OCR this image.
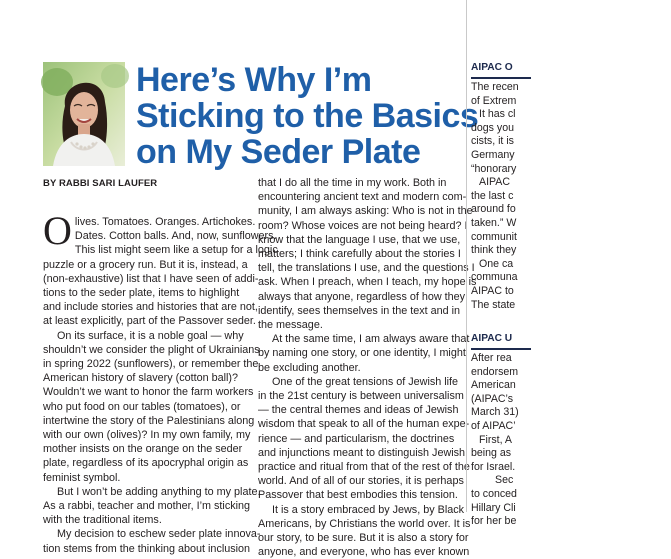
Here’s Why I’m
Sticking to the Basics
on My Seder Plate
BY RABBI SARI LAUFER
O lives. Tomatoes. Oranges. Artichokes.
Dates. Cotton balls. And, now, sunflowers.
This list might seem like a setup for a logic
puzzle or a grocery run. But it is, instead, a
(non-exhaustive) list that I have seen of addi-
tions to the seder plate, items to highlight
and include stories and histories that are not,
at least explicitly, part of the Passover seder.
On its surface, it is a noble goal — why
shouldn’t we consider the plight of Ukrainians
in spring 2022 (sunflowers), or remember the
American history of slavery (cotton ball)?
Wouldn’t we want to honor the farm workers
who put food on our tables (tomatoes), or
intertwine the story of the Palestinians along
with our own (olives)? In my own family, my
mother insists on the orange on the seder
plate, regardless of its apocryphal origin as
feminist symbol.
But I won’t be adding anything to my plate.
As a rabbi, teacher and mother, I’m sticking
with the traditional items.
My decision to eschew seder plate innova-
tion stems from the thinking about inclusion
that I do all the time in my work. Both in
encountering ancient text and modern com-
munity, I am always asking: Who is not in the
room? Whose voices are not being heard? I
know that the language I use, that we use,
matters; I think carefully about the stories I
tell, the translations I use, and the questions I
ask. When I preach, when I teach, my hope is
always that anyone, regardless of how they
identify, sees themselves in the text and in
the message.
At the same time, I am always aware that
by naming one story, or one identity, I might
be excluding another.
One of the great tensions of Jewish life
in the 21st century is between universalism
— the central themes and ideas of Jewish
wisdom that speak to all of the human expe-
rience — and particularism, the doctrines
and injunctions meant to distinguish Jewish
practice and ritual from that of the rest of the
world. And of all of our stories, it is perhaps
Passover that best embodies this tension.
It is a story embraced by Jews, by Black
Americans, by Christians the world over. It is
our story, to be sure. But it is also a story for
anyone, and everyone, who has ever known
AIPAC O
The recen
of Extrem
It has cl
dogs you
cists, it is
Germany
“honorary
AIPAC
the last c
around fo
taken.” W
communit
think they
One ca
communa
AIPAC to
The state
AIPAC U
After rea
endorsem
American
(AIPAC’s
March 31)
of AIPAC’
First, A
being as
for Israel.
Sec
to conced
Hillary Cli
for her be
